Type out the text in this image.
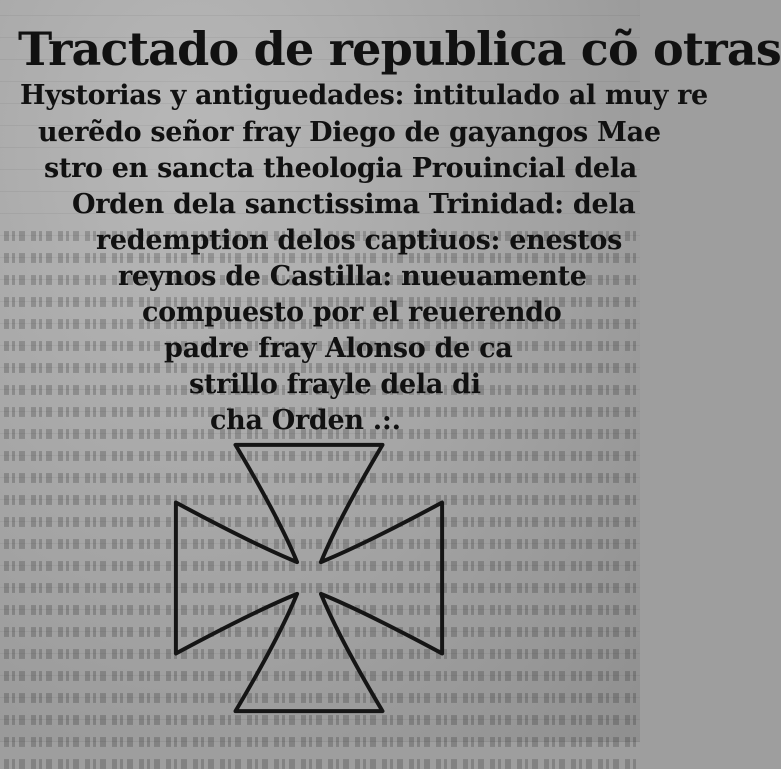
Tractado de republica cõ otras

Hystorias y antiguedades: intitulado al muy re

uerẽdo señor fray Diego de gayangos Mae

stro en sancta theologia Prouincial dela

Orden dela sanctissima Trinidad: dela

redemption delos captiuos: enestos

reynos de Castilla: nueuamente

compuesto por el reuerendo

padre fray Alonso de ca

strillo frayle dela di

cha Orden .:.
